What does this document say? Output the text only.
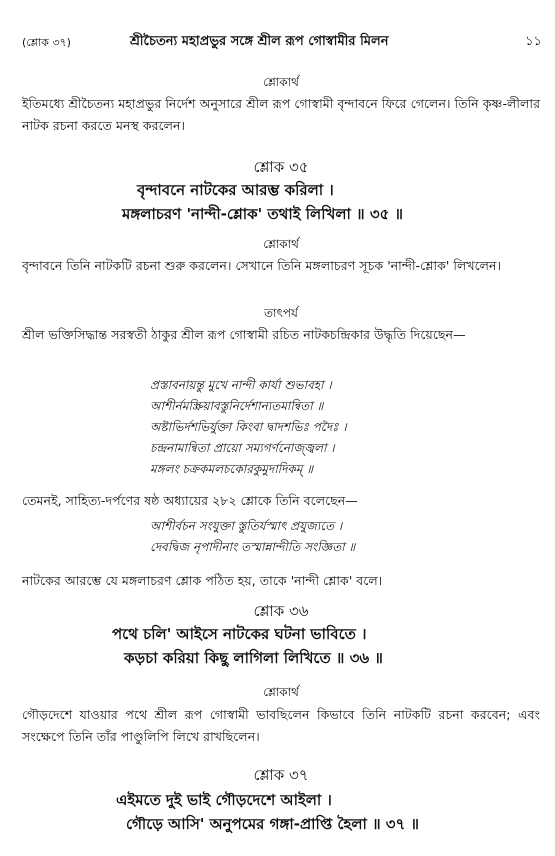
(শ্লোক ৩৭)	শ্রীচৈতন্য মহাপ্রভুর সঙ্গে শ্রীল রূপ গোস্বামীর মিলন	১১
শ্লোকার্থ
ইতিমধ্যে শ্রীচৈতন্য মহাপ্রভুর নির্দেশ অনুসারে শ্রীল রূপ গোস্বামী বৃন্দাবনে ফিরে গেলেন। তিনি কৃষ্ণ-লীলার নাটক রচনা করতে মনস্থ করলেন।
শ্লোক ৩৫
বৃন্দাবনে নাটকের আরম্ভ করিলা ।
মঙ্গলাচরণ 'নান্দী-শ্লোক' তথাই লিখিলা ॥ ৩৫ ॥
শ্লোকার্থ
বৃন্দাবনে তিনি নাটকটি রচনা শুরু করলেন। সেখানে তিনি মঙ্গলাচরণ সূচক 'নান্দী-শ্লোক' লিখলেন।
তাৎপর্য
শ্রীল ভক্তিসিদ্ধান্ত সরস্বতী ঠাকুর শ্রীল রূপ গোস্বামী রচিত নাটকচন্দ্রিকার উদ্ধৃতি দিয়েছেন—
প্রস্তাবনায়ন্তু মুখে নান্দী কার্যা শুভাবহা ।
আশীর্নমস্ক্রিয়াবস্তুনির্দেশান্যতমান্বিতা ॥
অষ্টাভির্দশভির্যুক্তা কিংবা দ্বাদশভিঃ পদৈঃ ।
চন্দ্রনামান্বিতা প্রায়ো সম্যগর্ণনোজ্জ্বলা ।
মঙ্গলং চক্রকমলচকোরকুমুদাদিকম্ ॥
তেমনই, সাহিত্য-দর্পণের ষষ্ঠ অধ্যায়ের ২৮২ শ্লোকে তিনি বলেছেন—
আশীর্বচন সংযুক্তা স্তুতির্যস্মাৎ প্রযুজ্যতে ।
দেবদ্বিজ নৃপাদীনাং তস্মান্নান্দীতি সংজ্ঞিতা ॥
নাটকের আরম্ভে যে মঙ্গলাচরণ শ্লোক পঠিত হয়, তাকে 'নান্দী শ্লোক' বলে।
শ্লোক ৩৬
পথে চলি' আইসে নাটকের ঘটনা ভাবিতে ।
কড়চা করিয়া কিছু লাগিলা লিখিতে ॥ ৩৬ ॥
শ্লোকার্থ
গৌড়দেশে যাওয়ার পথে শ্রীল রূপ গোস্বামী ভাবছিলেন কিভাবে তিনি নাটকটি রচনা করবেন; এবং সংক্ষেপে তিনি তাঁর পাণ্ডুলিপি লিখে রাখছিলেন।
শ্লোক ৩৭
এইমতে দুই ভাই গৌড়দেশে আইলা ।
গৌড়ে আসি' অনুপমের গঙ্গা-প্রাপ্তি হৈলা ॥ ৩৭ ॥
